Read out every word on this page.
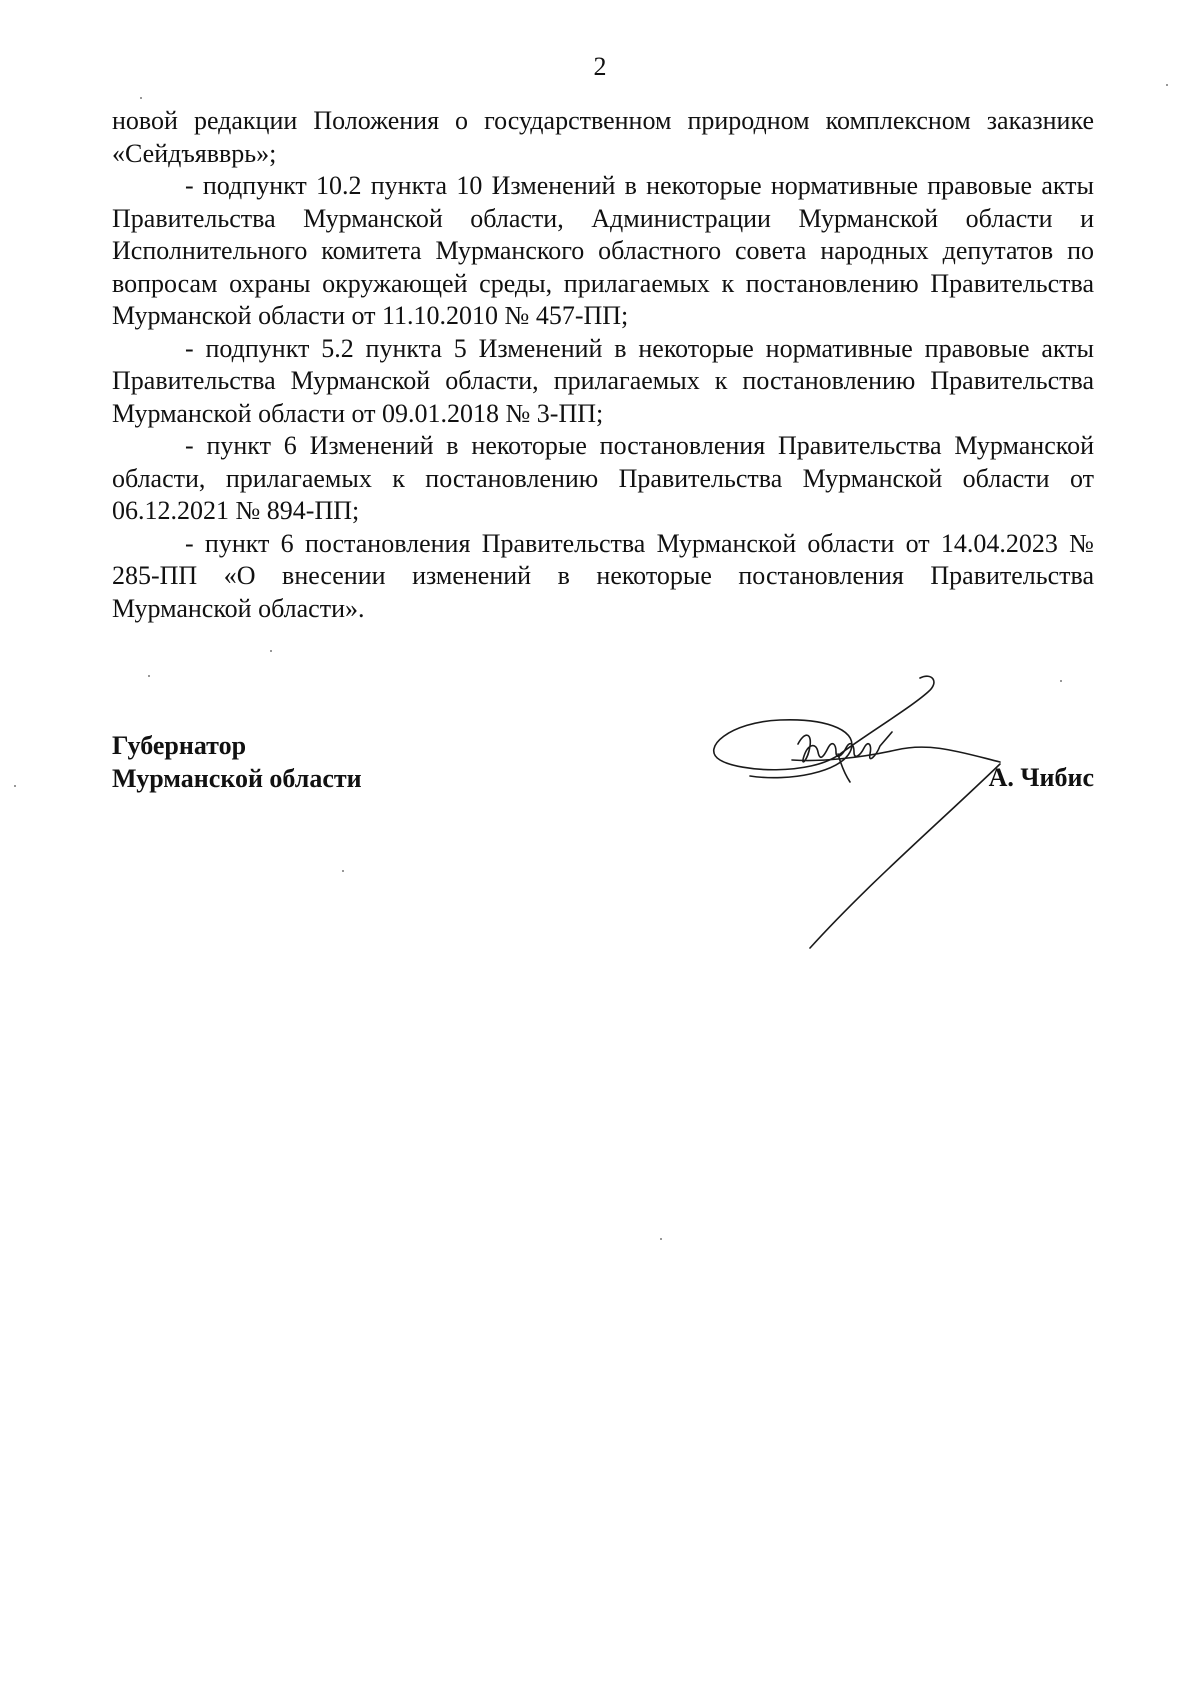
2

новой редакции Положения о государственном природном комплексном заказнике «Сейдъявврь»;

- подпункт 10.2 пункта 10 Изменений в некоторые нормативные правовые акты Правительства Мурманской области, Администрации Мурманской области и Исполнительного комитета Мурманского областного совета народных депутатов по вопросам охраны окружающей среды, прилагаемых к постановлению Правительства Мурманской области от 11.10.2010 № 457-ПП;

- подпункт 5.2 пункта 5 Изменений в некоторые нормативные правовые акты Правительства Мурманской области, прилагаемых к постановлению Правительства Мурманской области от 09.01.2018 № 3-ПП;

- пункт 6 Изменений в некоторые постановления Правительства Мурманской области, прилагаемых к постановлению Правительства Мурманской области от 06.12.2021 № 894-ПП;

- пункт 6 постановления Правительства Мурманской области от 14.04.2023 № 285-ПП «О внесении изменений в некоторые постановления Правительства Мурманской области».

Губернатор
Мурманской области	А. Чибис
